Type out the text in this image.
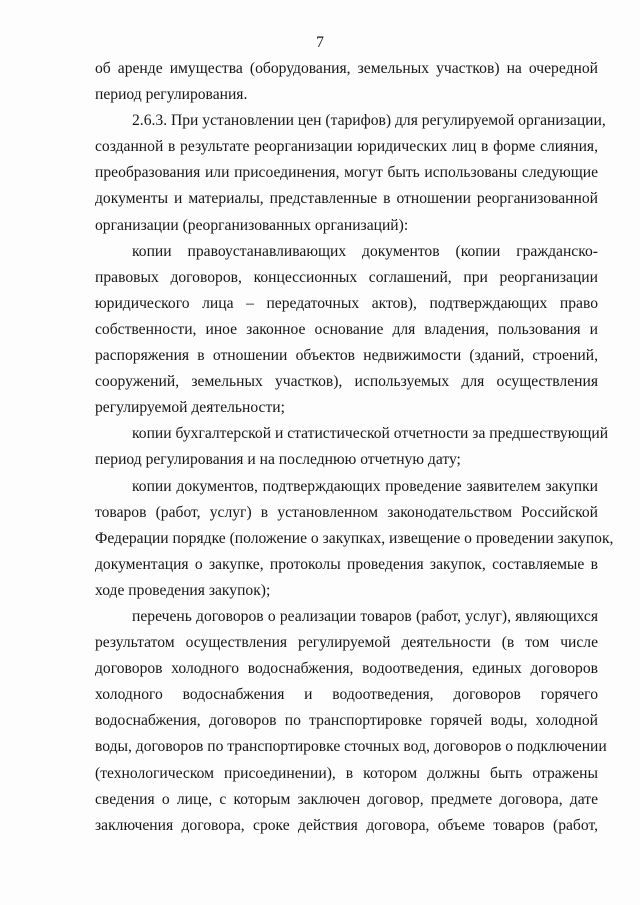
7
об аренде имущества (оборудования, земельных участков) на очередной
период регулирования.
2.6.3. При установлении цен (тарифов) для регулируемой организации,
созданной в результате реорганизации юридических лиц в форме слияния,
преобразования или присоединения, могут быть использованы следующие
документы и материалы, представленные в отношении реорганизованной
организации (реорганизованных организаций):
копии правоустанавливающих документов (копии гражданско-
правовых договоров, концессионных соглашений, при реорганизации
юридического лица – передаточных актов), подтверждающих право
собственности, иное законное основание для владения, пользования и
распоряжения в отношении объектов недвижимости (зданий, строений,
сооружений, земельных участков), используемых для осуществления
регулируемой деятельности;
копии бухгалтерской и статистической отчетности за предшествующий
период регулирования и на последнюю отчетную дату;
копии документов, подтверждающих проведение заявителем закупки
товаров (работ, услуг) в установленном законодательством Российской
Федерации порядке (положение о закупках, извещение о проведении закупок,
документация о закупке, протоколы проведения закупок, составляемые в
ходе проведения закупок);
перечень договоров о реализации товаров (работ, услуг), являющихся
результатом осуществления регулируемой деятельности (в том числе
договоров холодного водоснабжения, водоотведения, единых договоров
холодного водоснабжения и водоотведения, договоров горячего
водоснабжения, договоров по транспортировке горячей воды, холодной
воды, договоров по транспортировке сточных вод, договоров о подключении
(технологическом присоединении), в котором должны быть отражены
сведения о лице, с которым заключен договор, предмете договора, дате
заключения договора, сроке действия договора, объеме товаров (работ,
